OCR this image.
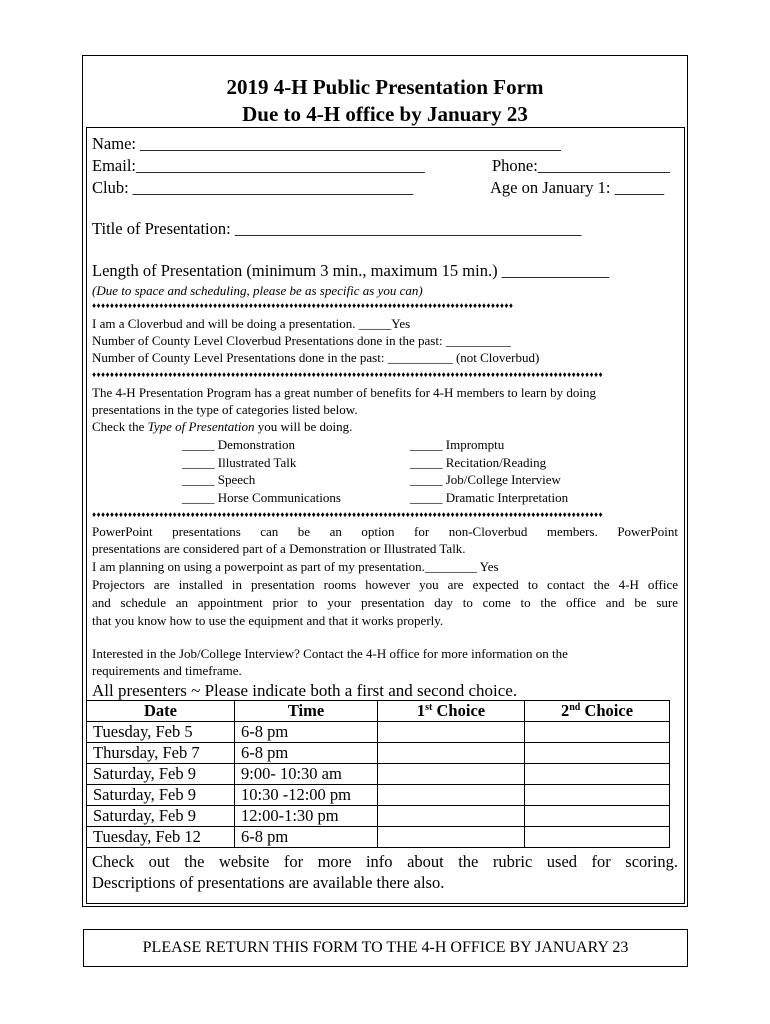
2019 4-H Public Presentation Form
Due to 4-H office by January 23
Name: ___________________________________________________
Email:___________________________________	Phone:________________
Club: __________________________________	Age on January 1: ______
Title of Presentation: __________________________________________
Length of Presentation (minimum 3 min., maximum 15 min.) _____________
(Due to space and scheduling, please be as specific as you can)
♦♦♦♦♦♦♦♦♦♦♦♦♦♦♦♦♦♦♦♦♦♦♦♦♦♦♦♦♦♦♦♦♦♦♦♦♦♦♦♦♦♦♦♦♦♦♦♦♦♦♦♦♦♦♦♦♦♦♦♦♦♦♦♦♦♦♦♦♦♦♦♦♦♦♦♦♦♦♦♦♦♦♦♦♦♦♦♦♦♦♦♦♦♦
I am a Cloverbud and will be doing a presentation. _____Yes
Number of County Level Cloverbud Presentations done in the past: __________
Number of County Level Presentations done in the past: __________ (not Cloverbud)
♦♦♦♦♦♦♦♦♦♦♦♦♦♦♦♦♦♦♦♦♦♦♦♦♦♦♦♦♦♦♦♦♦♦♦♦♦♦♦♦♦♦♦♦♦♦♦♦♦♦♦♦♦♦♦♦♦♦♦♦♦♦♦♦♦♦♦♦♦♦♦♦♦♦♦♦♦♦♦♦♦♦♦♦♦♦♦♦♦♦♦♦♦♦♦♦♦♦♦♦♦♦♦♦♦♦♦♦♦♦♦♦♦♦
The 4-H Presentation Program has a great number of benefits for 4-H members to learn by doing
presentations in the type of categories listed below.
Check the Type of Presentation you will be doing.
_____ Demonstration
_____ Illustrated Talk
_____ Speech
_____ Horse Communications
_____ Impromptu
_____ Recitation/Reading
_____ Job/College Interview
_____ Dramatic Interpretation
♦♦♦♦♦♦♦♦♦♦♦♦♦♦♦♦♦♦♦♦♦♦♦♦♦♦♦♦♦♦♦♦♦♦♦♦♦♦♦♦♦♦♦♦♦♦♦♦♦♦♦♦♦♦♦♦♦♦♦♦♦♦♦♦♦♦♦♦♦♦♦♦♦♦♦♦♦♦♦♦♦♦♦♦♦♦♦♦♦♦♦♦♦♦♦♦♦♦♦♦♦♦♦♦♦♦♦♦♦♦♦♦♦♦
PowerPoint presentations can be an option for non-Cloverbud members. PowerPoint
presentations are considered part of a Demonstration or Illustrated Talk.
I am planning on using a powerpoint as part of my presentation.________ Yes
Projectors are installed in presentation rooms however you are expected to contact the 4-H office
and schedule an appointment prior to your presentation day to come to the office and be sure
that you know how to use the equipment and that it works properly.
Interested in the Job/College Interview? Contact the 4-H office for more information on the
requirements and timeframe.
All presenters ~ Please indicate both a first and second choice.
Date	Time	1st Choice	2nd Choice
Tuesday, Feb 5	6-8 pm		
Thursday, Feb 7	6-8 pm		
Saturday, Feb 9	9:00- 10:30 am		
Saturday, Feb 9	10:30 -12:00 pm		
Saturday, Feb 9	12:00-1:30 pm		
Tuesday, Feb 12	6-8 pm		
Check out the website for more info about the rubric used for scoring.
Descriptions of presentations are available there also.
PLEASE RETURN THIS FORM TO THE 4-H OFFICE BY JANUARY 23
